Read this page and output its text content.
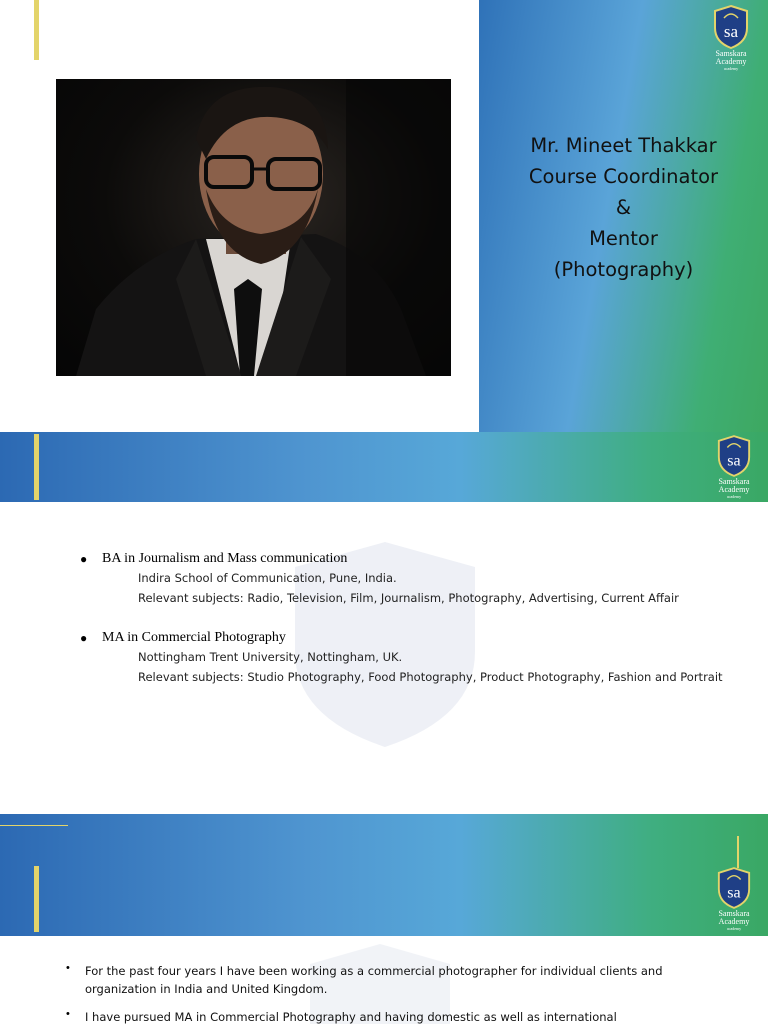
sa
Samskara
Academy
academy
Mr. Mineet Thakkar
Course Coordinator
&
Mentor
(Photography)
sa
Samskara
Academy
academy
sa
● BA in Journalism and Mass communication
Indira School of Communication, Pune, India.
Relevant subjects: Radio, Television, Film, Journalism, Photography, Advertising, Current Affair
● MA in Commercial Photography
Nottingham Trent University, Nottingham, UK.
Relevant subjects: Studio Photography, Food Photography, Product Photography, Fashion and Portrait
sa
Samskara
Academy
academy
• For the past four years I have been working as a commercial photographer for individual clients and organization in India and United Kingdom.
• I have pursued MA in Commercial Photography and having domestic as well as international
